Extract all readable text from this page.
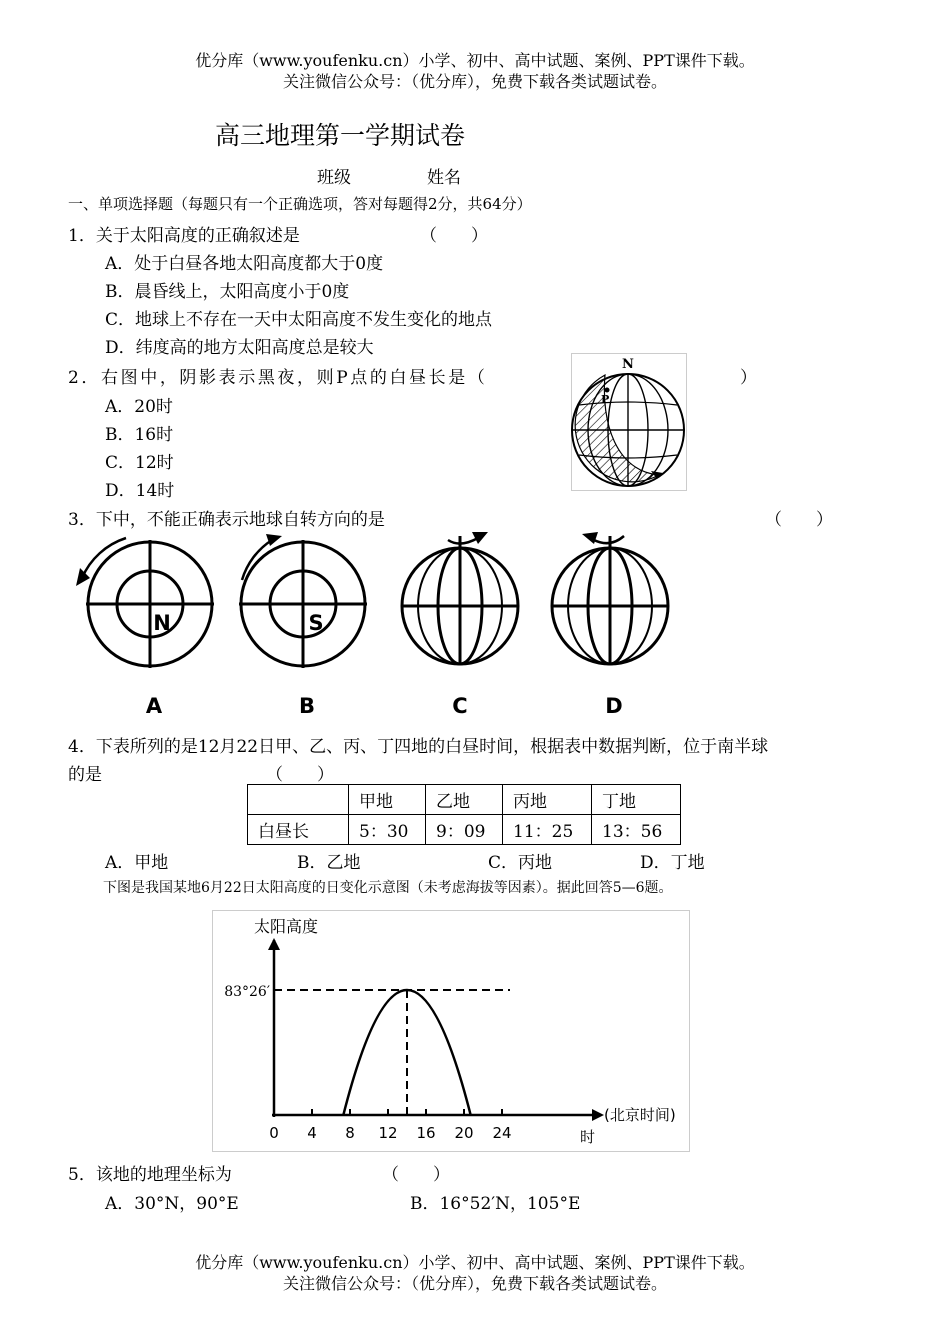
优分库（www.youfenku.cn）小学、初中、高中试题、案例、PPT课件下载。
关注微信公众号：（优分库），免费下载各类试题试卷。
高三地理第一学期试卷
班级	姓名
一、单项选择题（每题只有一个正确选项，答对每题得2分，共64分）
1．关于太阳高度的正确叙述是	（　　）
A．处于白昼各地太阳高度都大于0度
B．晨昏线上，太阳高度小于0度
C．地球上不存在一天中太阳高度不发生变化的地点
D．纬度高的地方太阳高度总是较大
2．右图中，阴影表示黑夜，则P点的白昼长是（	）
A．20时
B．16时
C．12时
D．14时
N
P
3．下中，不能正确表示地球自转方向的是	（　　）
N
A
S
B	C	D
4．下表所列的是12月22日甲、乙、丙、丁四地的白昼时间，根据表中数据判断，位于南半球
的是	（　　）
	甲地	乙地	丙地	丁地
白昼长	5：30	9：09	11：25	13：56
A．甲地	B．乙地	C．丙地	D．丁地
下图是我国某地6月22日太阳高度的日变化示意图（未考虑海拔等因素）。据此回答5—6题。
太阳高度
(北京时间)
时
83°26′
0 4 8 12 16 20 24
5．该地的地理坐标为	（　　）
A．30°N，90°E	B．16°52′N，105°E
优分库（www.youfenku.cn）小学、初中、高中试题、案例、PPT课件下载。
关注微信公众号：（优分库），免费下载各类试题试卷。
